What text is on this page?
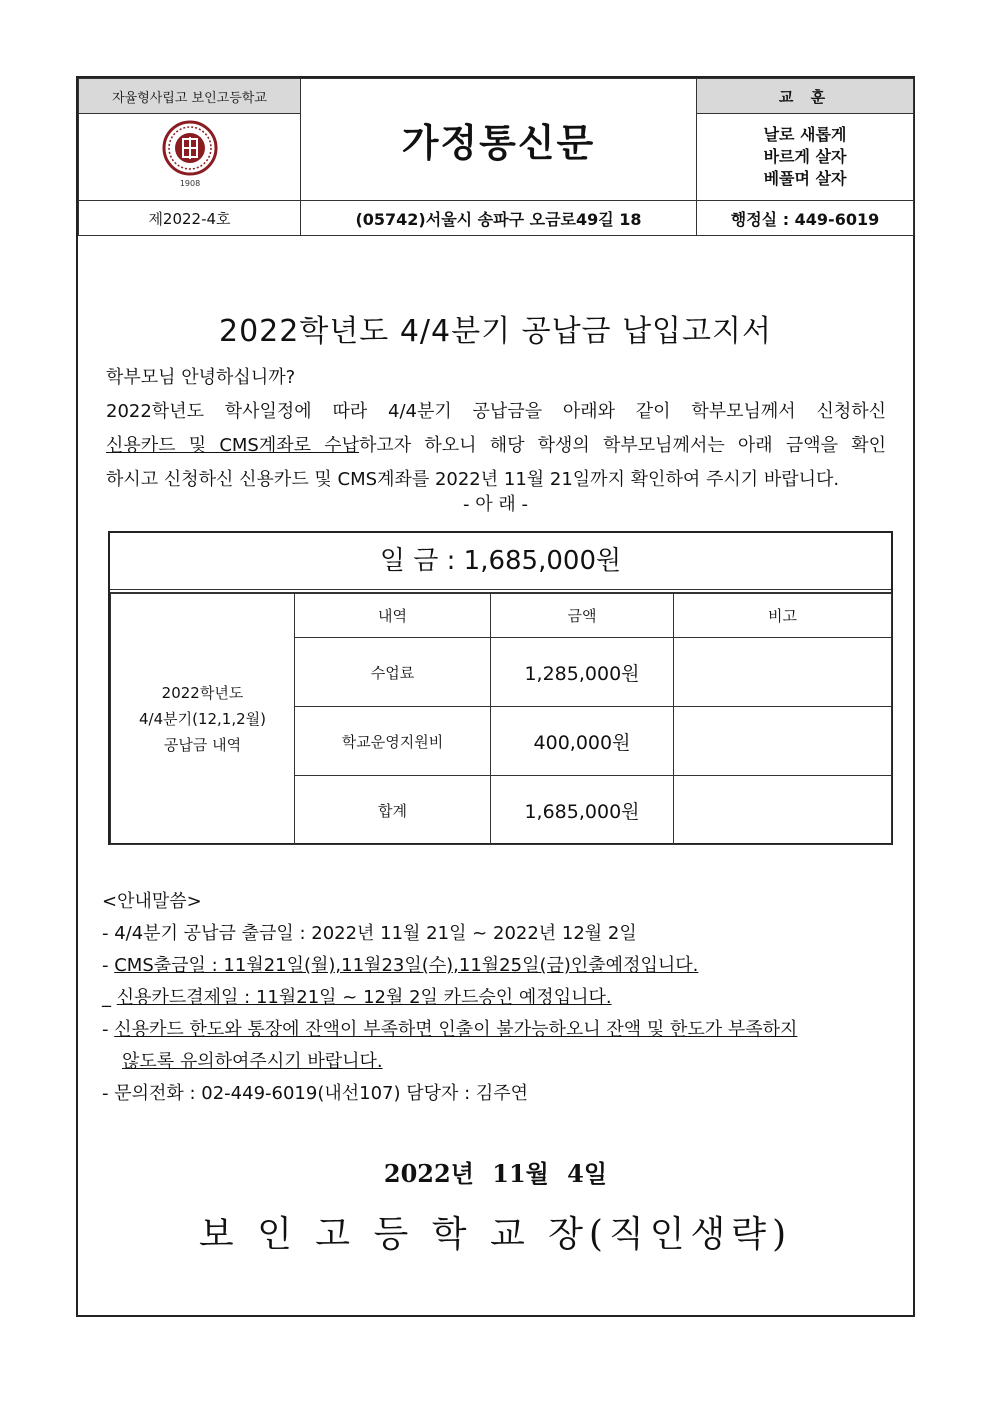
자율형사립고 보인고등학교	가정통신문	교 훈

1908		날로 새롭게
바르게 살자
베풀며 살자

제2022-4호	(05742)서울시 송파구 오금로49길 18	행정실 : 449-6019
2022학년도 4/4분기 공납금 납입고지서
학부모님 안녕하십니까?
2022학년도 학사일정에 따라 4/4분기 공납금을 아래와 같이 학부모님께서 신청하신
신용카드 및 CMS계좌로 수납하고자 하오니 해당 학생의 학부모님께서는 아래 금액을 확인
하시고 신청하신 신용카드 및 CMS계좌를 2022년 11월 21일까지 확인하여 주시기 바랍니다.
- 아 래 -
일 금 : 1,685,000원
2022학년도
4/4분기(12,1,2월)
공납금 내역	내역	금액	비고
	수업료	1,285,000원	
	학교운영지원비	400,000원	
	합계	1,685,000원	
<안내말씀>
- 4/4분기 공납금 출금일 : 2022년 11월 21일 ~ 2022년 12월 2일
- CMS출금일 : 11월21일(월),11월23일(수),11월25일(금)인출예정입니다.
_ 신용카드결제일 : 11월21일 ~ 12월 2일 카드승인 예정입니다.
- 신용카드 한도와 통장에 잔액이 부족하면 인출이 불가능하오니 잔액 및 한도가 부족하지
않도록 유의하여주시기 바랍니다.
- 문의전화 : 02-449-6019(내선107) 담당자 : 김주연
2022년 11월 4일
보 인 고 등 학 교 장(직인생략)
